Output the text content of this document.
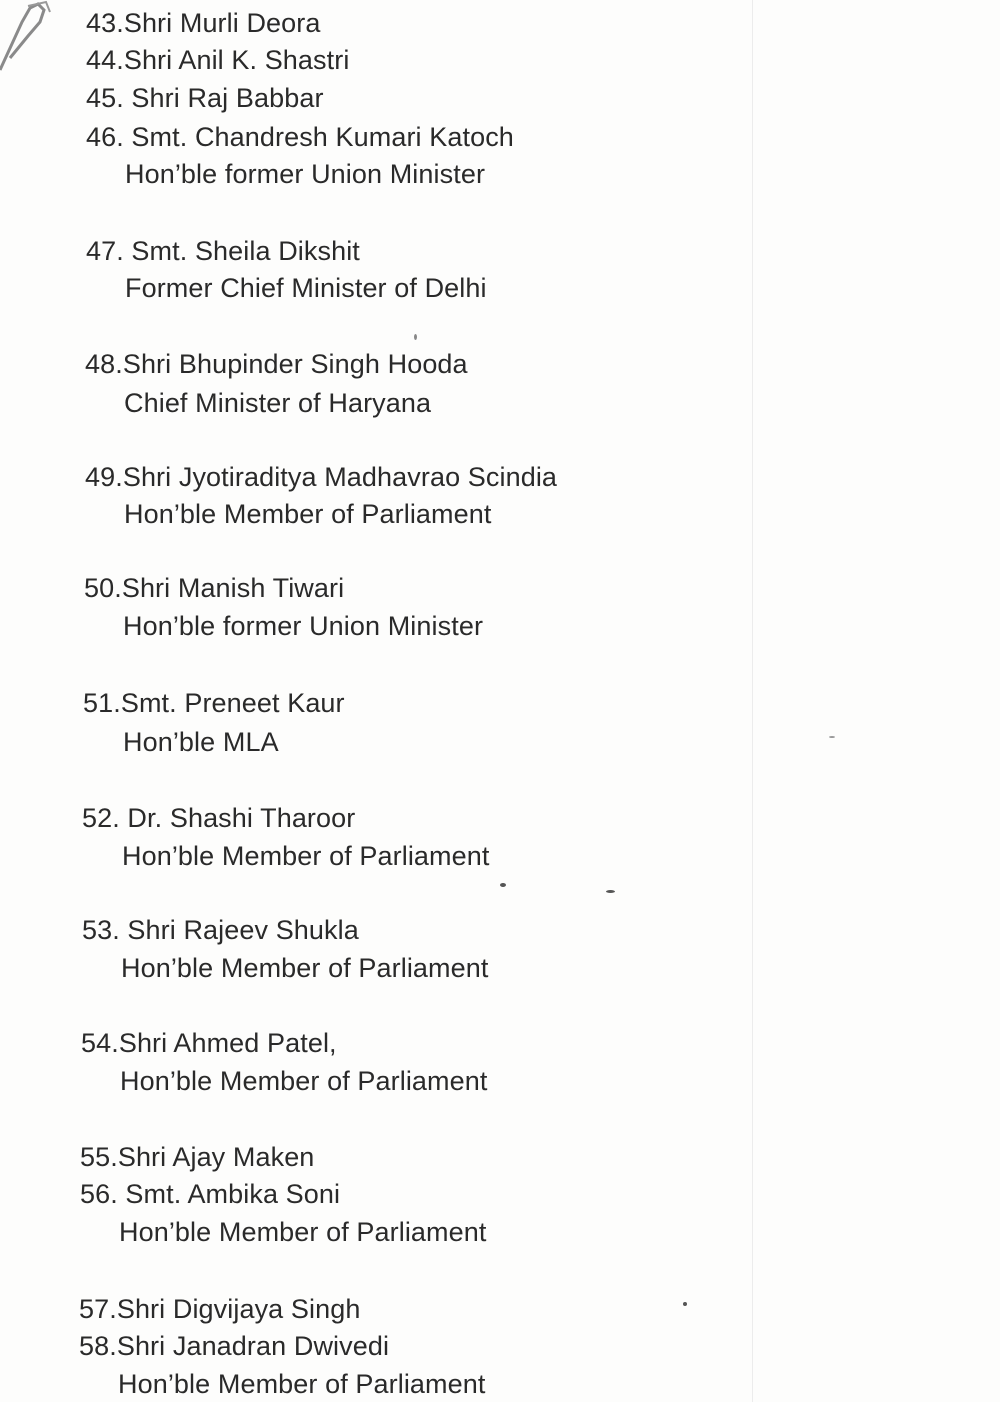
43.Shri Murli Deora
44.Shri Anil K. Shastri
45. Shri Raj Babbar
46. Smt. Chandresh Kumari Katoch
Hon’ble former Union Minister
47. Smt. Sheila Dikshit
Former Chief Minister of Delhi
48.Shri Bhupinder Singh Hooda
Chief Minister of Haryana
49.Shri Jyotiraditya Madhavrao Scindia
Hon’ble Member of Parliament
50.Shri Manish Tiwari
Hon’ble former Union Minister
51.Smt. Preneet Kaur
Hon’ble MLA
52. Dr. Shashi Tharoor
Hon’ble Member of Parliament
53. Shri Rajeev Shukla
Hon’ble Member of Parliament
54.Shri Ahmed Patel,
Hon’ble Member of Parliament
55.Shri Ajay Maken
56. Smt. Ambika Soni
Hon’ble Member of Parliament
57.Shri Digvijaya Singh
58.Shri Janadran Dwivedi
Hon’ble Member of Parliament
